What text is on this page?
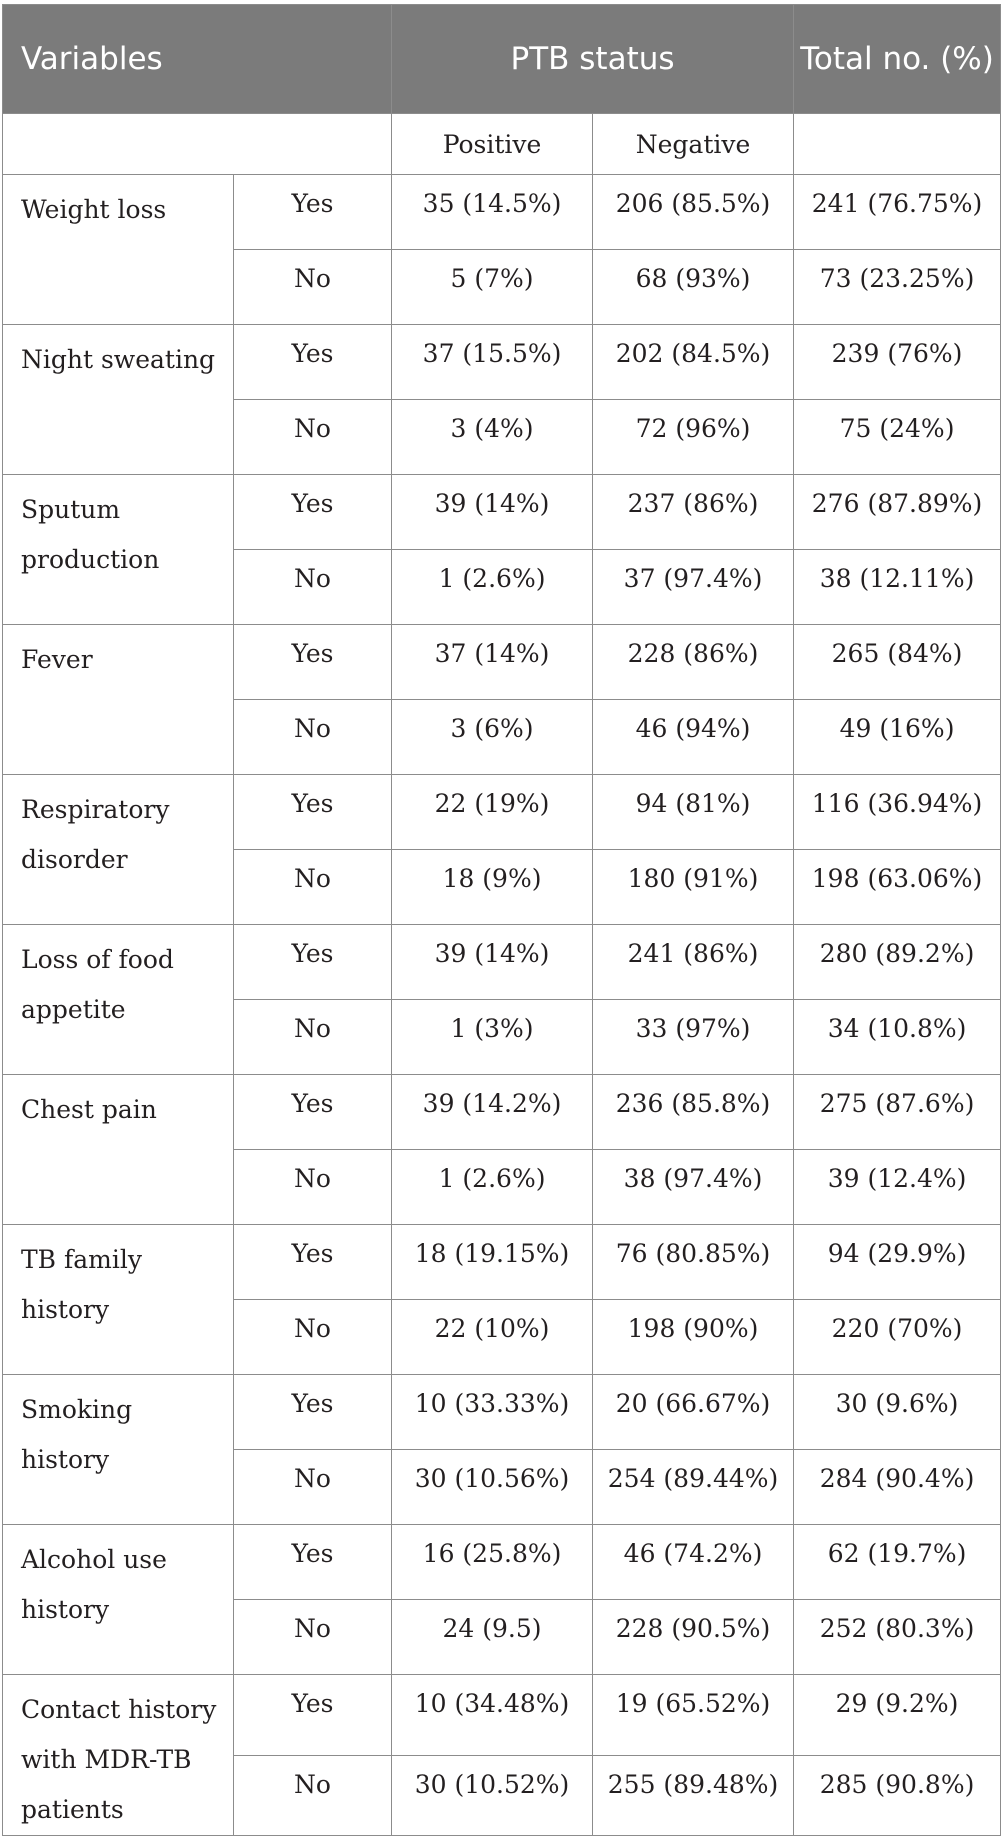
Variables		PTB status		Total no. (%)
		Positive	Negative	
Weight loss	Yes	35 (14.5%)	206 (85.5%)	241 (76.75%)
	No	5 (7%)	68 (93%)	73 (23.25%)
Night sweating	Yes	37 (15.5%)	202 (84.5%)	239 (76%)
	No	3 (4%)	72 (96%)	75 (24%)
Sputum production	Yes	39 (14%)	237 (86%)	276 (87.89%)
	No	1 (2.6%)	37 (97.4%)	38 (12.11%)
Fever	Yes	37 (14%)	228 (86%)	265 (84%)
	No	3 (6%)	46 (94%)	49 (16%)
Respiratory disorder	Yes	22 (19%)	94 (81%)	116 (36.94%)
	No	18 (9%)	180 (91%)	198 (63.06%)
Loss of food appetite	Yes	39 (14%)	241 (86%)	280 (89.2%)
	No	1 (3%)	33 (97%)	34 (10.8%)
Chest pain	Yes	39 (14.2%)	236 (85.8%)	275 (87.6%)
	No	1 (2.6%)	38 (97.4%)	39 (12.4%)
TB family history	Yes	18 (19.15%)	76 (80.85%)	94 (29.9%)
	No	22 (10%)	198 (90%)	220 (70%)
Smoking history	Yes	10 (33.33%)	20 (66.67%)	30 (9.6%)
	No	30 (10.56%)	254 (89.44%)	284 (90.4%)
Alcohol use history	Yes	16 (25.8%)	46 (74.2%)	62 (19.7%)
	No	24 (9.5)	228 (90.5%)	252 (80.3%)
Contact history with MDR-TB patients	Yes	10 (34.48%)	19 (65.52%)	29 (9.2%)
	No	30 (10.52%)	255 (89.48%)	285 (90.8%)
